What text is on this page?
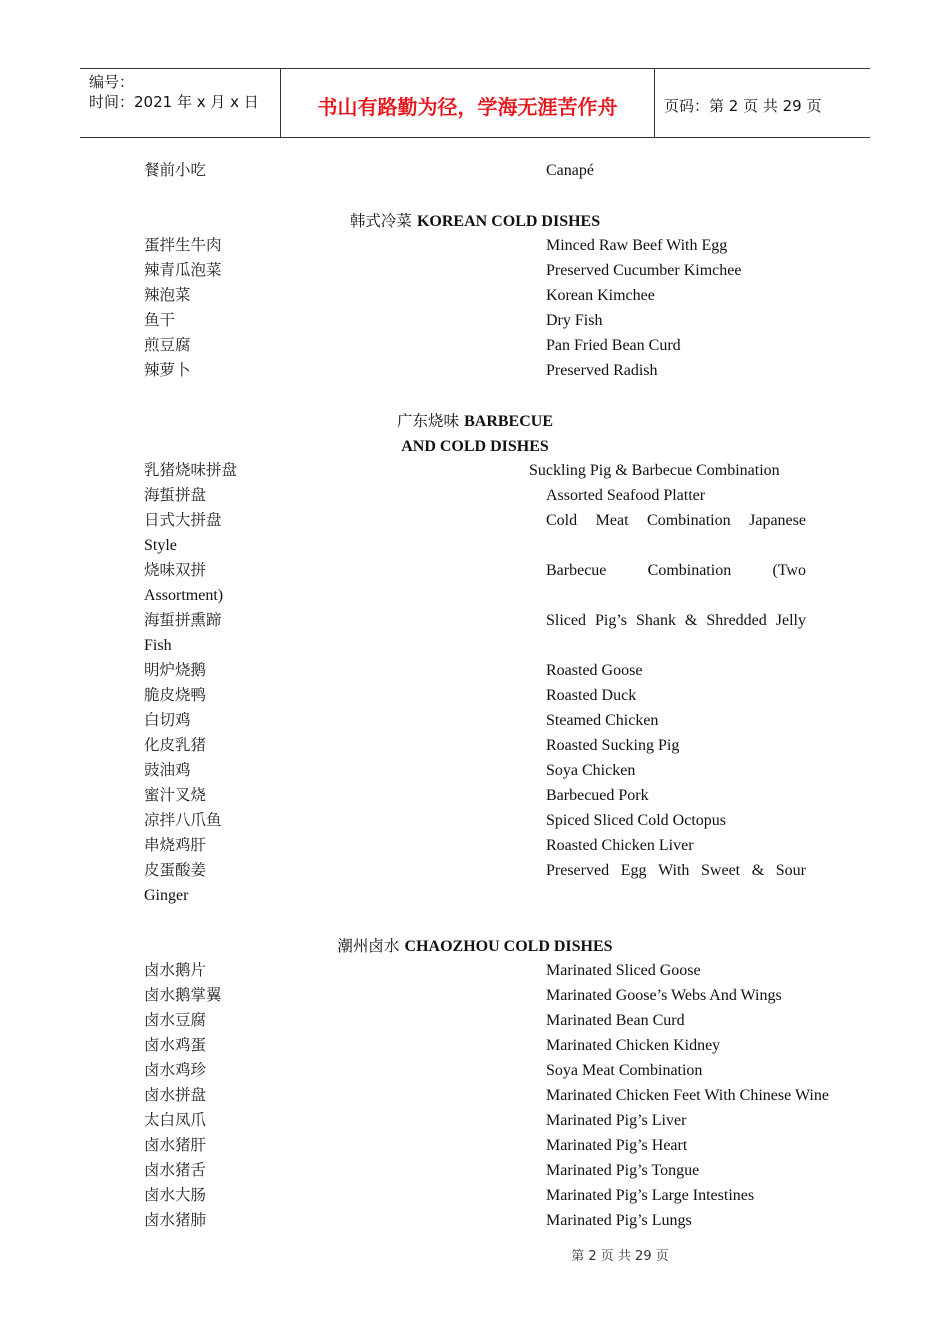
编号：
时间：2021 年 x 月 x 日	书山有路勤为径，学海无涯苦作舟	页码：第 2 页 共 29 页
餐前小吃	Canapé
韩式冷菜 KOREAN COLD DISHES
蛋拌生牛肉	Minced Raw Beef With Egg
辣青瓜泡菜	Preserved Cucumber Kimchee
辣泡菜	Korean Kimchee
鱼干	Dry Fish
煎豆腐	Pan Fried Bean Curd
辣萝卜	Preserved Radish
广东烧味 BARBECUE
AND COLD DISHES
乳猪烧味拼盘	Suckling Pig & Barbecue Combination
海蜇拼盘	Assorted Seafood Platter
日式大拼盘	Cold Meat Combination Japanese
Style
烧味双拼	Barbecue	Combination	(Two
Assortment)
海蜇拼熏蹄	Sliced Pig’s Shank & Shredded Jelly
Fish
明炉烧鹅	Roasted Goose
脆皮烧鸭	Roasted Duck
白切鸡	Steamed Chicken
化皮乳猪	Roasted Sucking Pig
豉油鸡	Soya Chicken
蜜汁叉烧	Barbecued Pork
凉拌八爪鱼	Spiced Sliced Cold Octopus
串烧鸡肝	Roasted Chicken Liver
皮蛋酸姜	Preserved Egg With Sweet & Sour
Ginger
潮州卤水 CHAOZHOU COLD DISHES
卤水鹅片	Marinated Sliced Goose
卤水鹅掌翼	Marinated Goose’s Webs And Wings
卤水豆腐	Marinated Bean Curd
卤水鸡蛋	Marinated Chicken Kidney
卤水鸡珍	Soya Meat Combination
卤水拼盘	Marinated Chicken Feet With Chinese Wine
太白凤爪	Marinated Pig’s Liver
卤水猪肝	Marinated Pig’s Heart
卤水猪舌	Marinated Pig’s Tongue
卤水大肠	Marinated Pig’s Large Intestines
卤水猪肺	Marinated Pig’s Lungs
第 2 页 共 29 页
